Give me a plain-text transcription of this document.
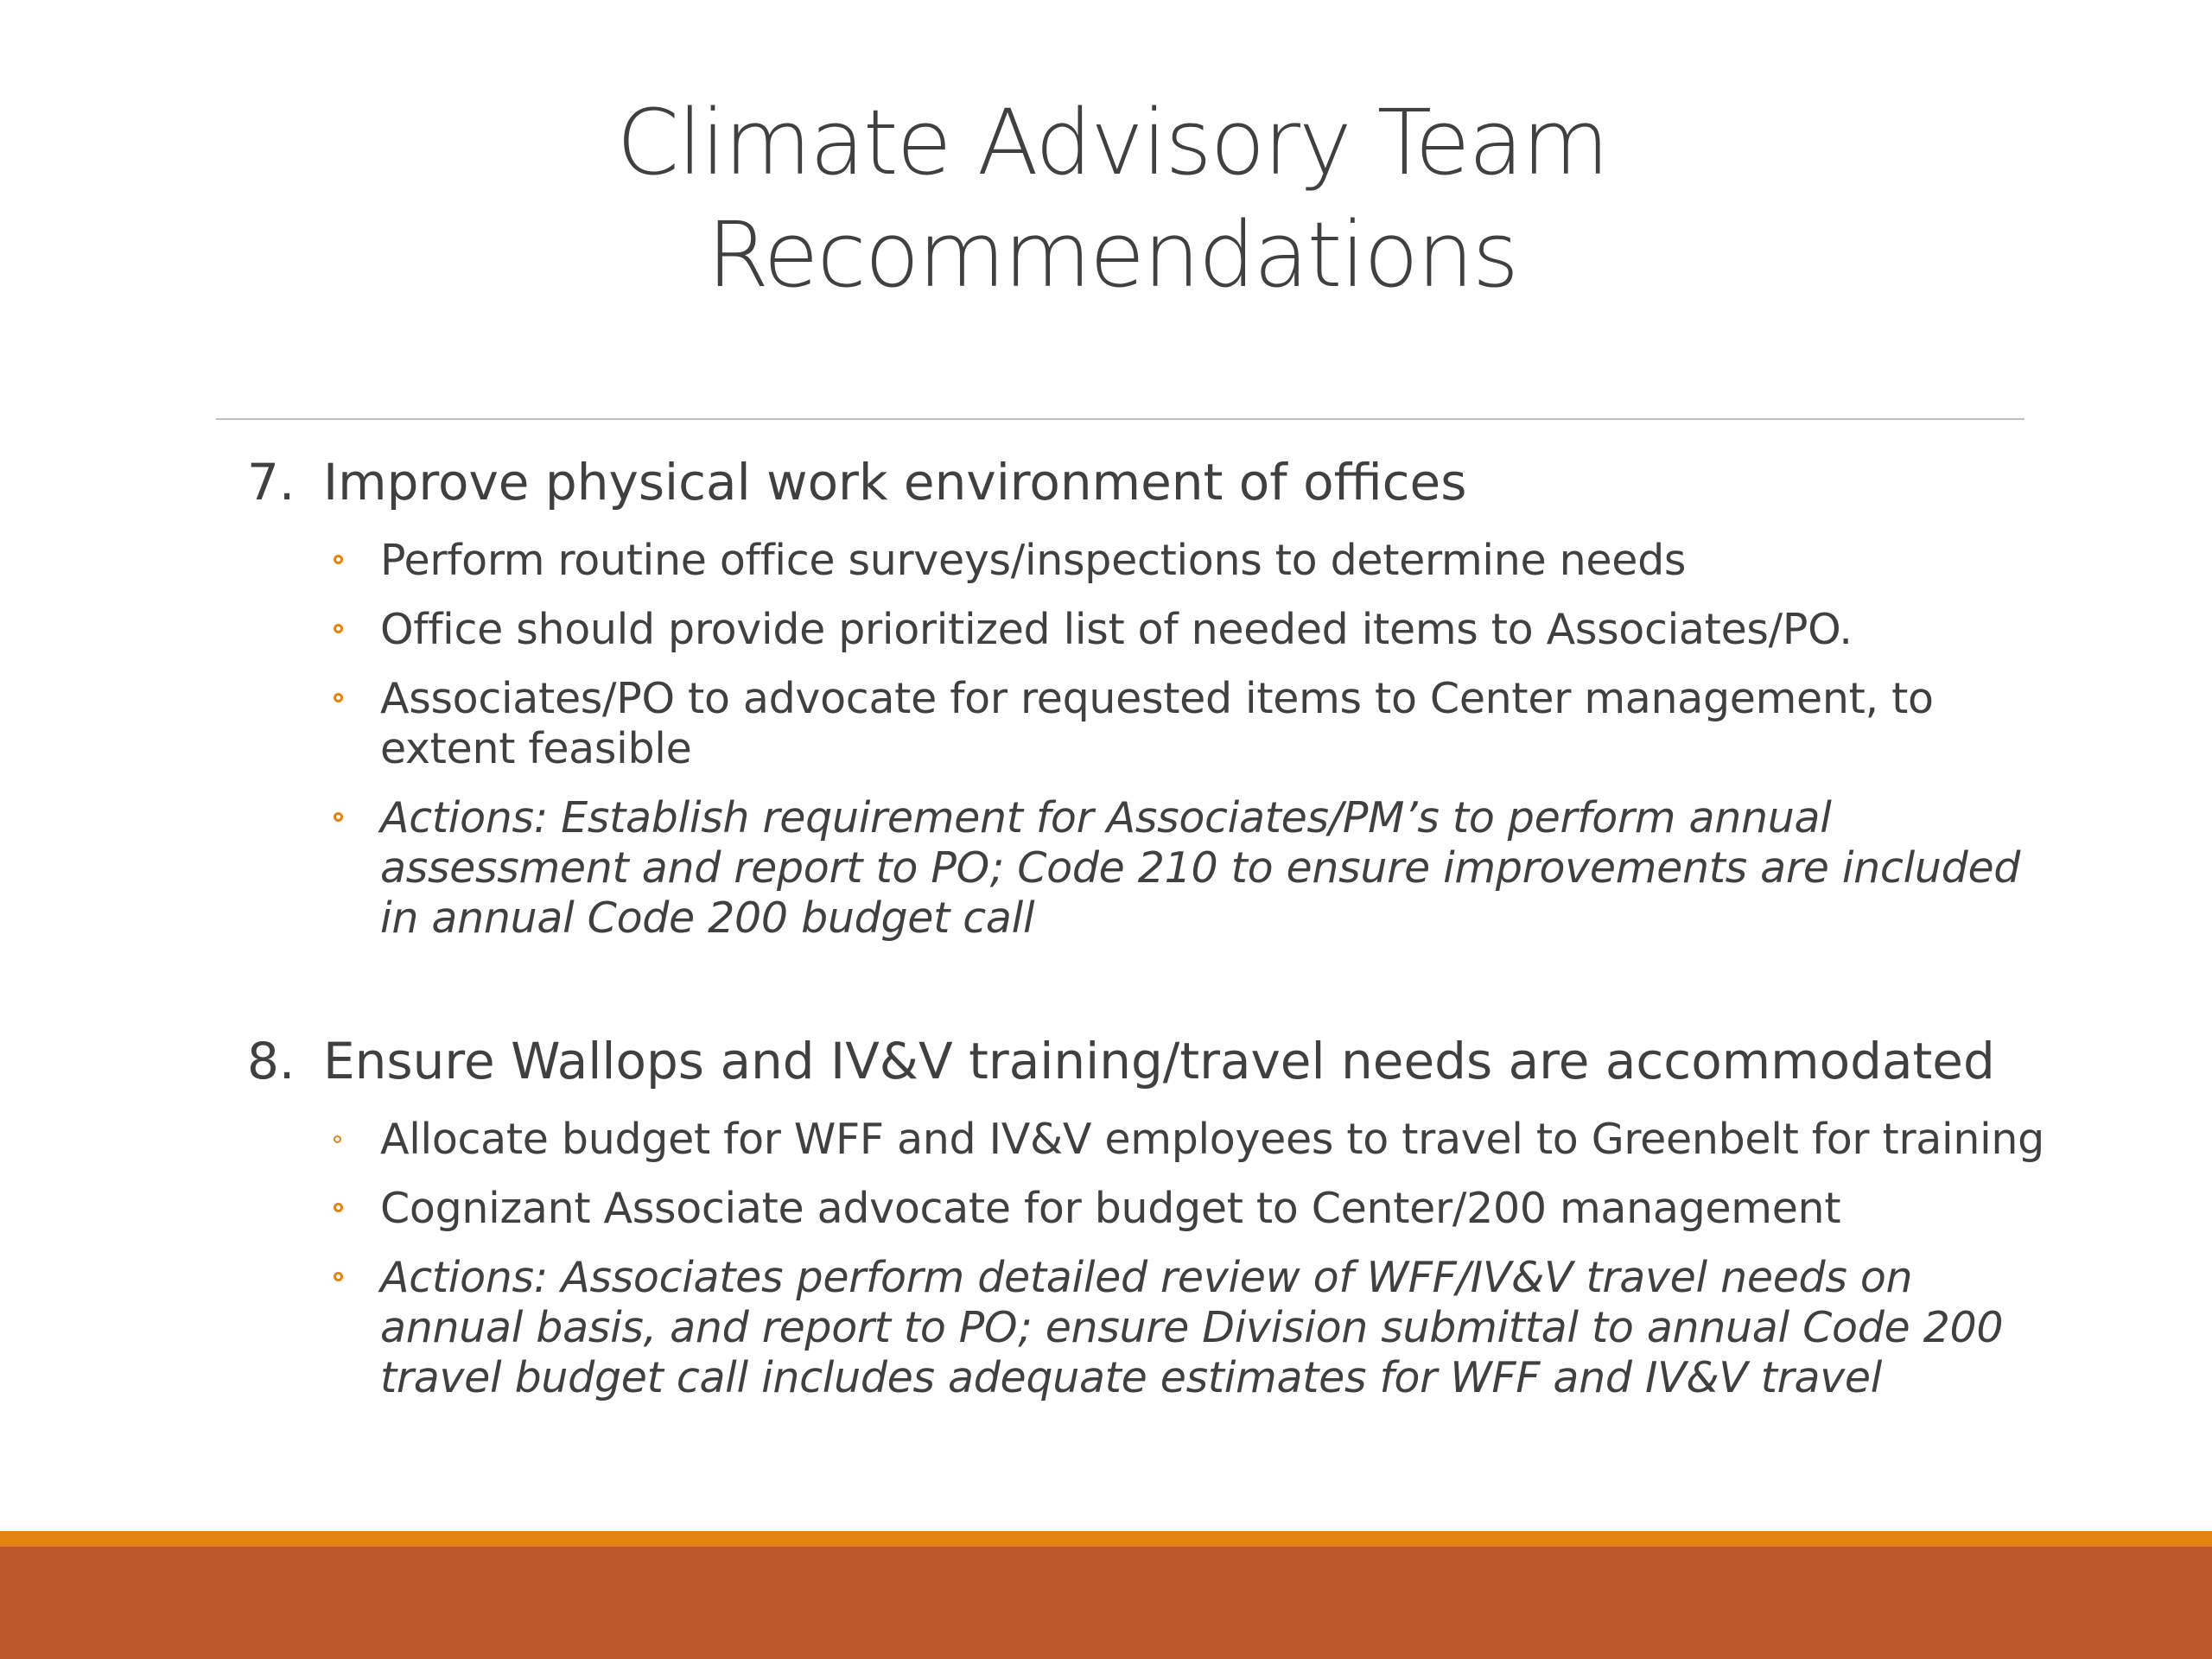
Climate Advisory Team
Recommendations
7. Improve physical work environment of offices
Perform routine office surveys/inspections to determine needs
Office should provide prioritized list of needed items to Associates/PO.
Associates/PO to advocate for requested items to Center management, to extent feasible
Actions: Establish requirement for Associates/PM’s to perform annual assessment and report to PO; Code 210 to ensure improvements are included in annual Code 200 budget call
8. Ensure Wallops and IV&V training/travel needs are accommodated
Allocate budget for WFF and IV&V employees to travel to Greenbelt for training
Cognizant Associate advocate for budget to Center/200 management
Actions: Associates perform detailed review of WFF/IV&V travel needs on annual basis, and report to PO; ensure Division submittal to annual Code 200 travel budget call includes adequate estimates for WFF and IV&V travel
